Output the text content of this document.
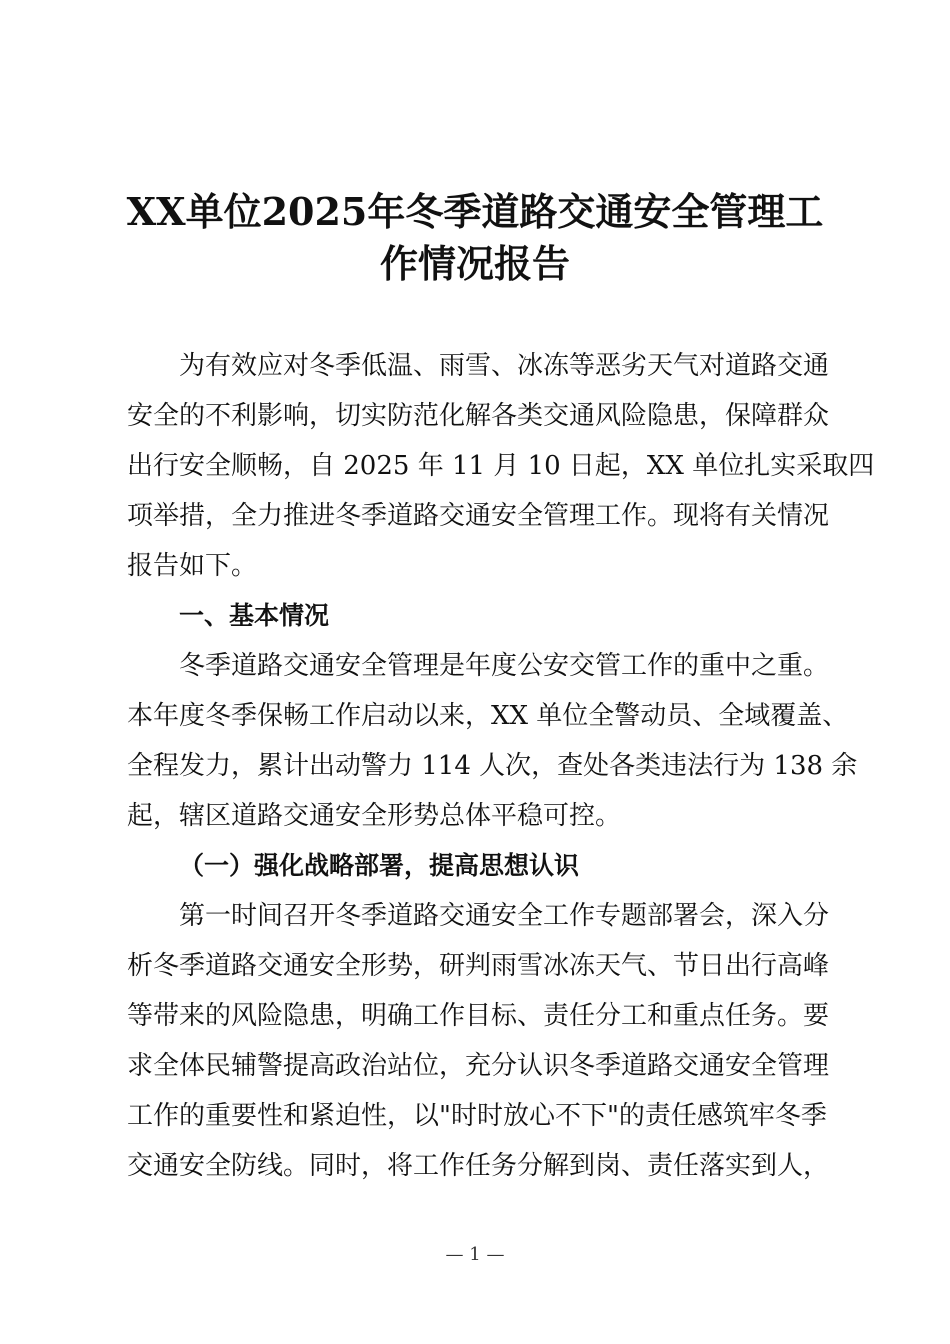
XX单位2025年冬季道路交通安全管理工
作情况报告
为有效应对冬季低温、雨雪、冰冻等恶劣天气对道路交通
安全的不利影响，切实防范化解各类交通风险隐患，保障群众
出行安全顺畅，自 2025 年 11 月 10 日起，XX 单位扎实采取四
项举措，全力推进冬季道路交通安全管理工作。现将有关情况
报告如下。
一、基本情况
冬季道路交通安全管理是年度公安交管工作的重中之重。
本年度冬季保畅工作启动以来，XX 单位全警动员、全域覆盖、
全程发力，累计出动警力 114 人次，查处各类违法行为 138 余
起，辖区道路交通安全形势总体平稳可控。
（一）强化战略部署，提高思想认识
第一时间召开冬季道路交通安全工作专题部署会，深入分
析冬季道路交通安全形势，研判雨雪冰冻天气、节日出行高峰
等带来的风险隐患，明确工作目标、责任分工和重点任务。要
求全体民辅警提高政治站位，充分认识冬季道路交通安全管理
工作的重要性和紧迫性，以"时时放心不下"的责任感筑牢冬季
交通安全防线。同时，将工作任务分解到岗、责任落实到人，
— 1 —
